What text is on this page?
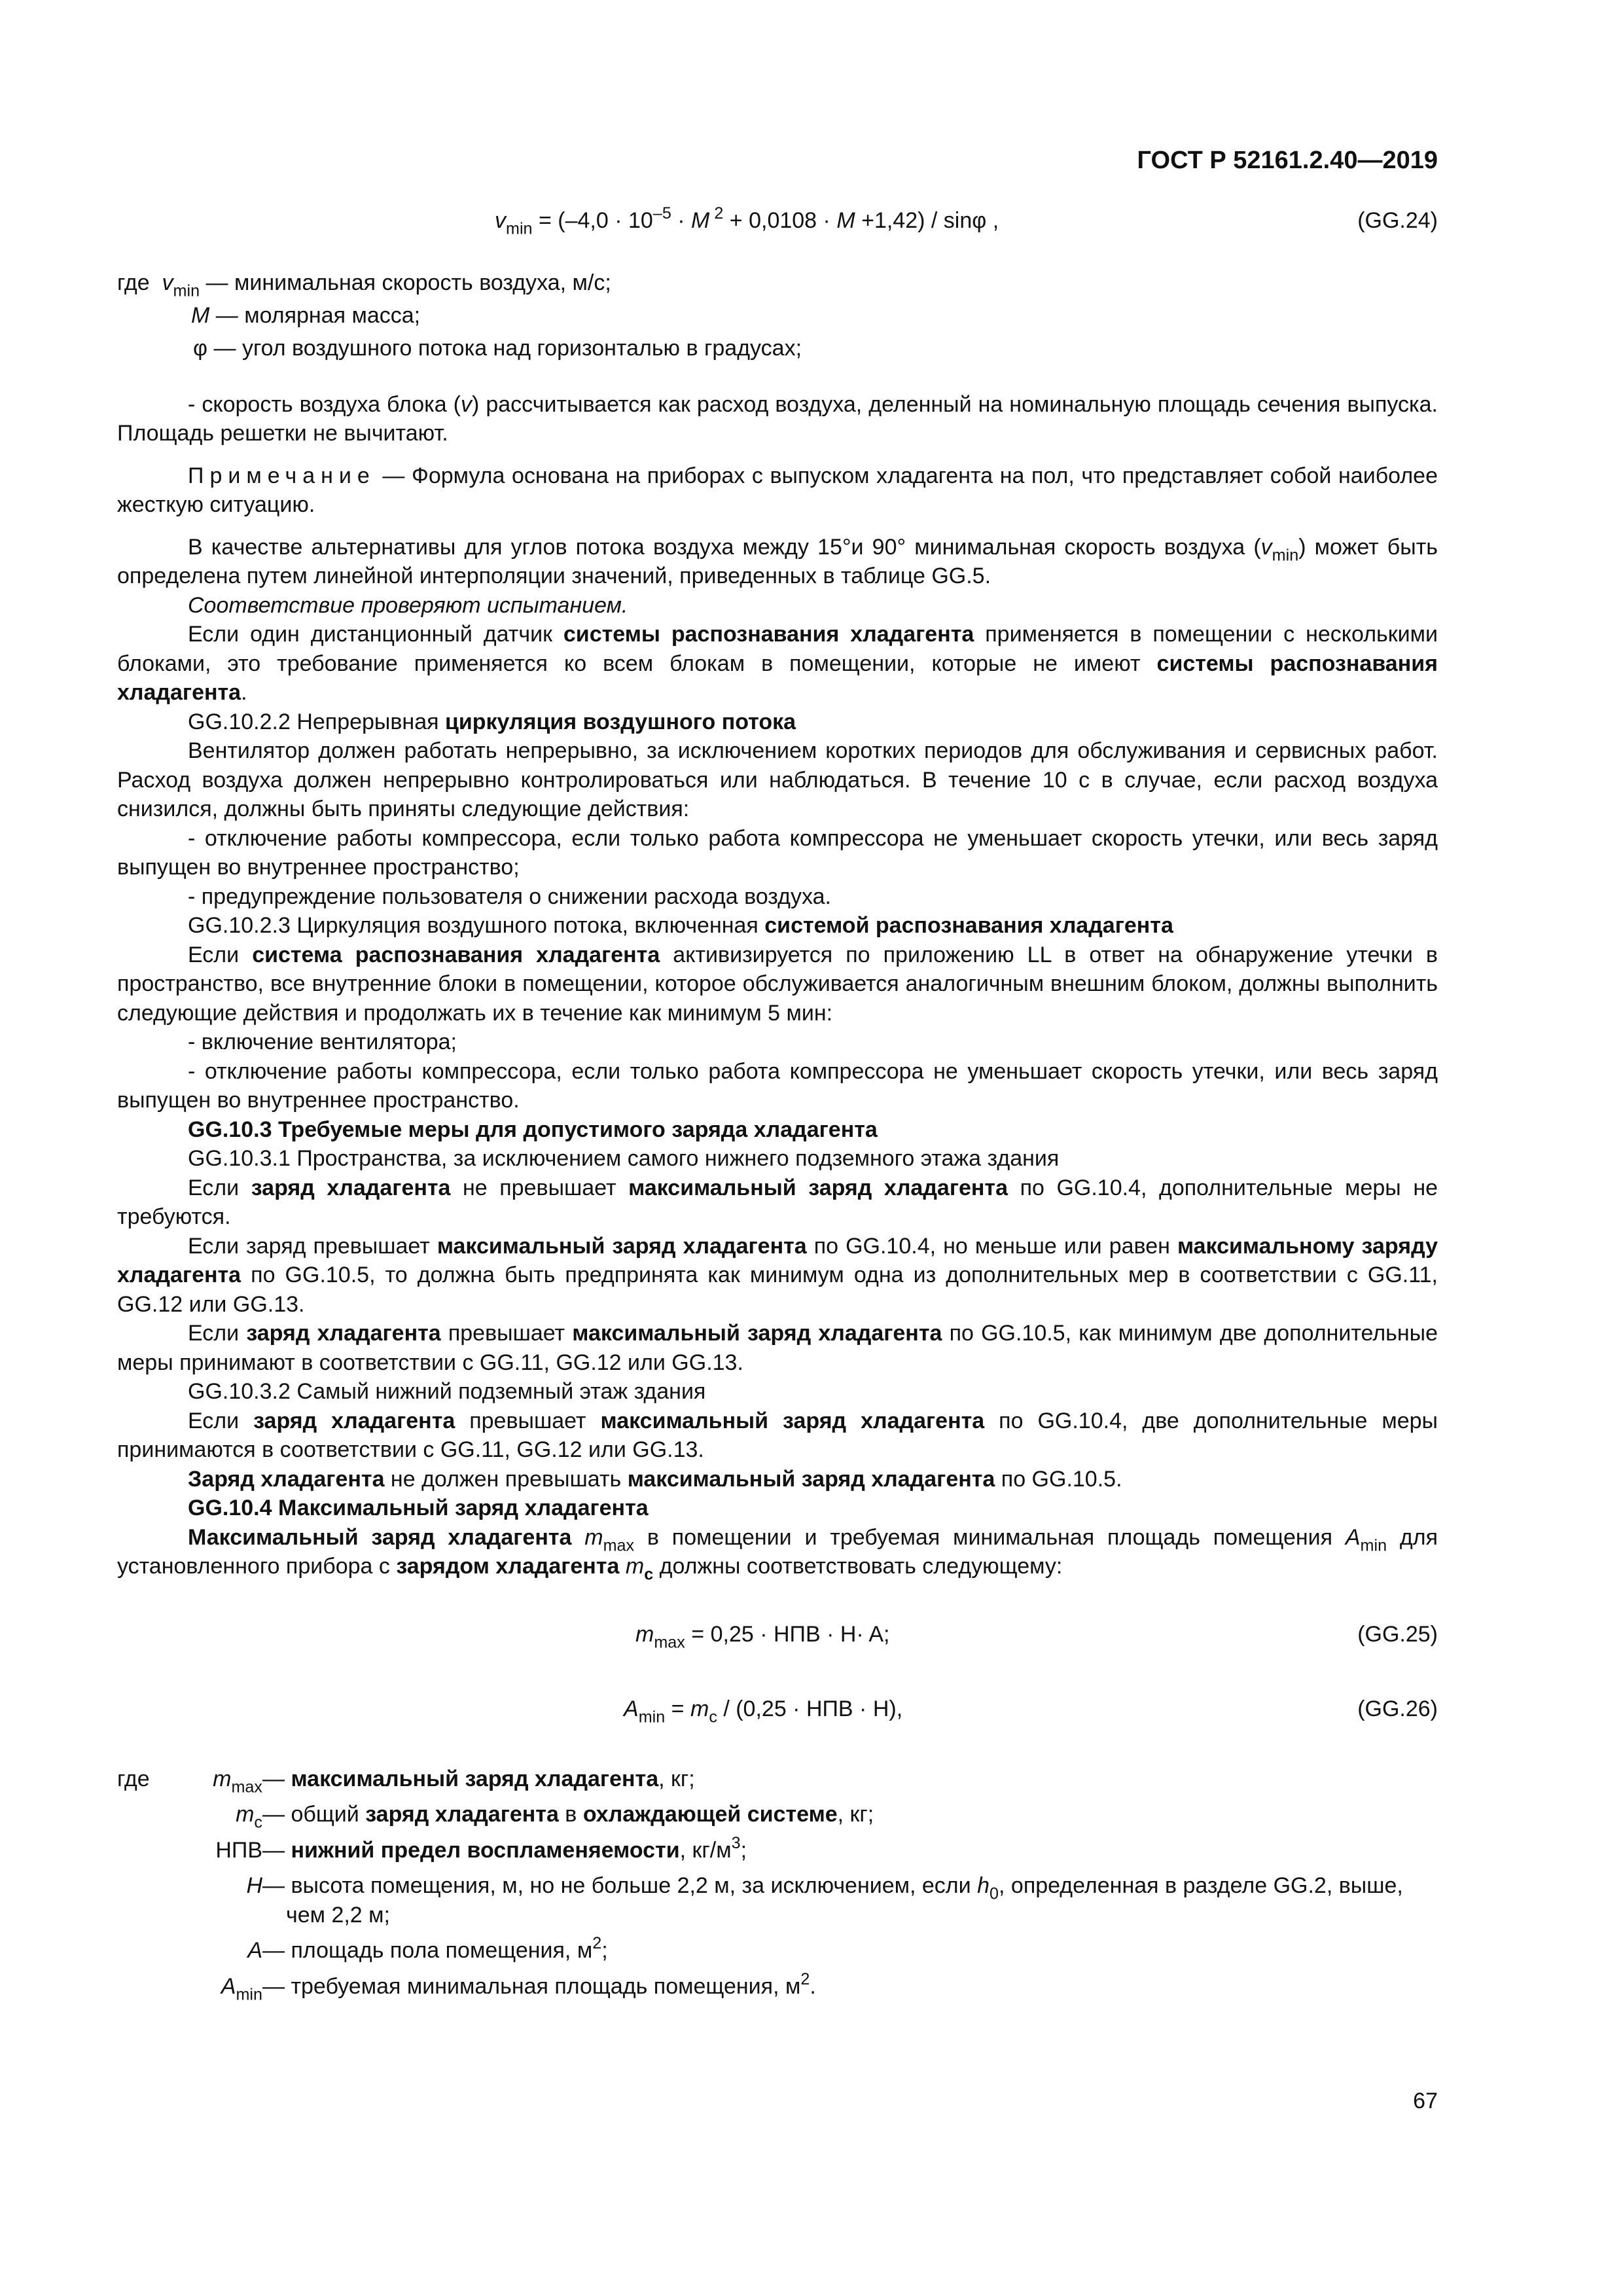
ГОСТ Р 52161.2.40—2019
$v_{min} = (-4,0 \cdot 10^{-5} \cdot M$ $^2$ + 0,0108 · M +1,42) / sinφ ,	(GG.24)
где $v_{min}$ — минимальная скорость воздуха, м/с;
M — молярная масса;
φ — угол воздушного потока над горизонталью в градусах;

- скорость воздуха блока (v) рассчитывается как расход воздуха, деленный на номинальную площадь сечения выпуска. Площадь решетки не вычитают.

Примечание — Формула основана на приборах с выпуском хладагента на пол, что представляет собой наиболее жесткую ситуацию.

В качестве альтернативы для углов потока воздуха между 15°и 90° минимальная скорость воздуха $(v_{min})$ может быть определена путем линейной интерполяции значений, приведенных в таблице GG.5.

Соответствие проверяют испытанием.

Если один дистанционный датчик системы распознавания хладагента применяется в помещении с несколькими блоками, это требование применяется ко всем блокам в помещении, которые не имеют системы распознавания хладагента.

GG.10.2.2 Непрерывная циркуляция воздушного потока

Вентилятор должен работать непрерывно, за исключением коротких периодов для обслуживания и сервисных работ. Расход воздуха должен непрерывно контролироваться или наблюдаться. В течение 10 с в случае, если расход воздуха снизился, должны быть приняты следующие действия:

- отключение работы компрессора, если только работа компрессора не уменьшает скорость утечки, или весь заряд выпущен во внутреннее пространство;

- предупреждение пользователя о снижении расхода воздуха.

GG.10.2.3 Циркуляция воздушного потока, включенная системой распознавания хладагента

Если система распознавания хладагента активизируется по приложению LL в ответ на обнаружение утечки в пространство, все внутренние блоки в помещении, которое обслуживается аналогичным внешним блоком, должны выполнить следующие действия и продолжать их в течение как минимум 5 мин:

- включение вентилятора;

- отключение работы компрессора, если только работа компрессора не уменьшает скорость утечки, или весь заряд выпущен во внутреннее пространство.

GG.10.3 Требуемые меры для допустимого заряда хладагента

GG.10.3.1 Пространства, за исключением самого нижнего подземного этажа здания

Если заряд хладагента не превышает максимальный заряд хладагента по GG.10.4, дополнительные меры не требуются.

Если заряд превышает максимальный заряд хладагента по GG.10.4, но меньше или равен максимальному заряду хладагента по GG.10.5, то должна быть предпринята как минимум одна из дополнительных мер в соответствии с GG.11, GG.12 или GG.13.

Если заряд хладагента превышает максимальный заряд хладагента по GG.10.5, как минимум две дополнительные меры принимают в соответствии с GG.11, GG.12 или GG.13.

GG.10.3.2 Самый нижний подземный этаж здания

Если заряд хладагента превышает максимальный заряд хладагента по GG.10.4, две дополнительные меры принимаются в соответствии с GG.11, GG.12 или GG.13.

Заряд хладагента не должен превышать максимальный заряд хладагента по GG.10.5.

GG.10.4 Максимальный заряд хладагента

Максимальный заряд хладагента $m_{max}$ в помещении и требуемая минимальная площадь помещения $A_{min}$ для установленного прибора с зарядом хладагента $m_c$ должны соответствовать следующему:

$m_{max} = 0,25$ · НПВ · H· A;	(GG.25)
$A_{min} = m_c / (0,25$ · НПВ · H),	(GG.26)
где	$m_{max}$ — максимальный заряд хладагента, кг;
$m_c$ — общий заряд хладагента в охлаждающей системе, кг;
НПВ — нижний предел воспламеняемости, $кг/м^3$;
H — высота помещения, м, но не больше 2,2 м, за исключением, если $h_0$, определенная в разделе GG.2, выше, чем 2,2 м;
A — площадь пола помещения, $м^2$;
$A_{min}$ — требуемая минимальная площадь помещения, $м^2$.
67
